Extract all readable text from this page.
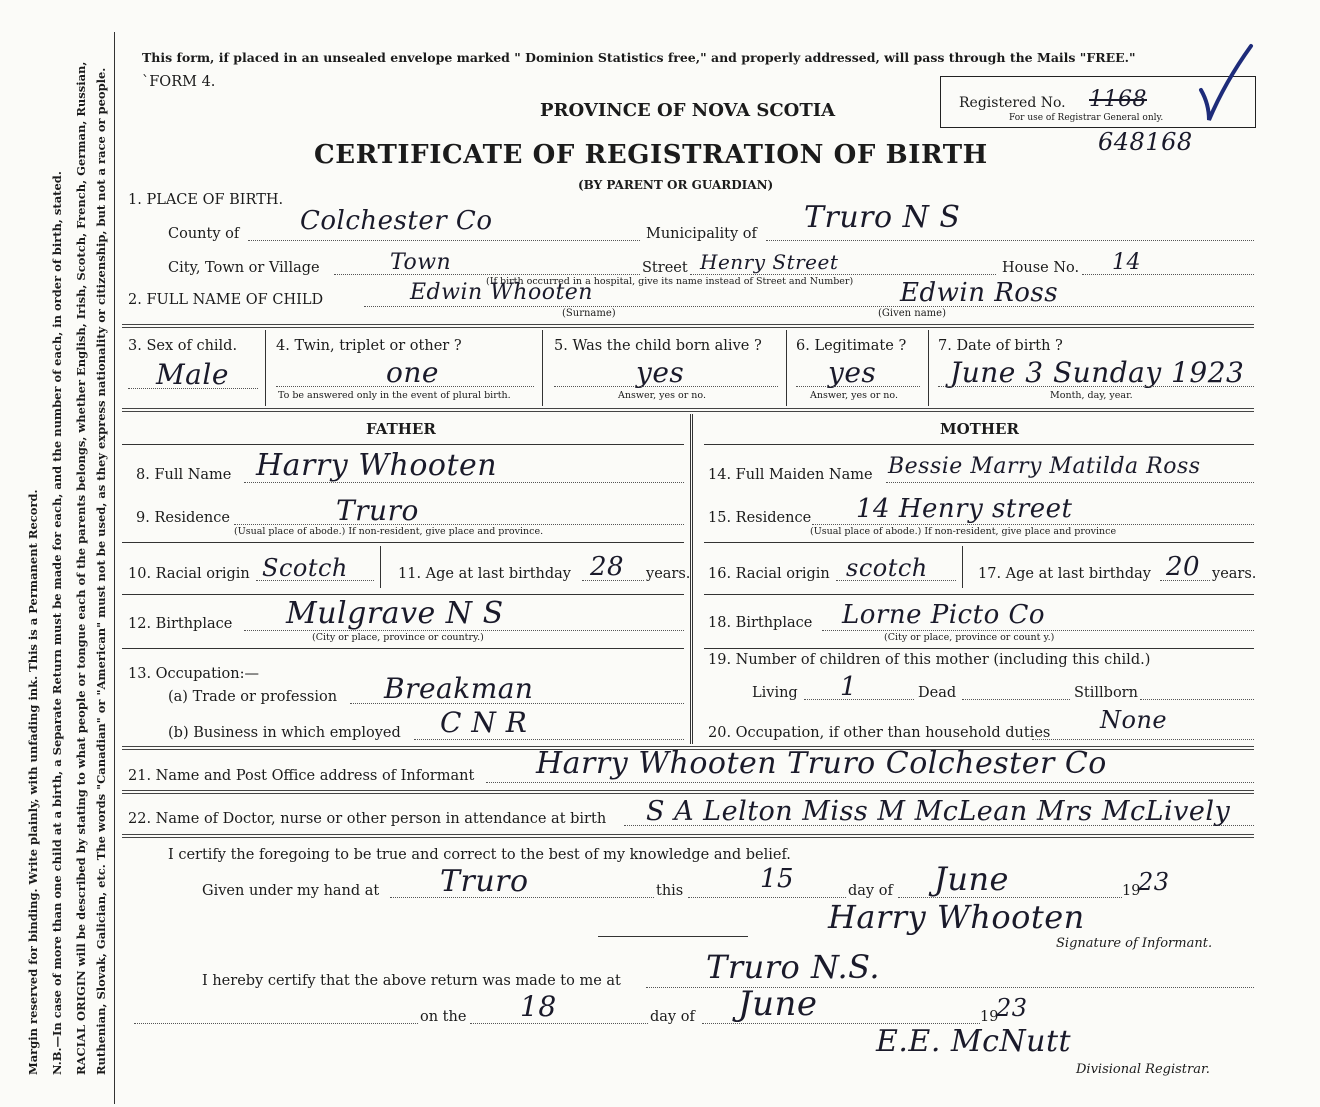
Margin reserved for binding. Write plainly, with unfading ink. This is a Permanent Record. N.B.—In case of more than one child at a birth, a Separate Return must be made for each, and the number of each, in order of birth, stated. RACIAL ORIGIN will be described by stating to what people or tongue each of the parents belongs, whether English, Irish, Scotch, French, German, Russian, Ruthenian, Slovak, Galician, etc. The words "Canadian" or "American" must not be used, as they express nationality or citizenship, but not a race or people.
This form, if placed in an unsealed envelope marked " Dominion Statistics free," and properly addressed, will pass through the Mails "FREE."
`FORM 4.
PROVINCE OF NOVA SCOTIA
CERTIFICATE OF REGISTRATION OF BIRTH
(BY PARENT OR GUARDIAN)
Registered No. 1168
For use of Registrar General only.
648168
1. PLACE OF BIRTH.
County of Colchester Co	Municipality of Truro N S
City, Town or Village	Town	Street Henry Street
(If birth occurred in a hospital, give its name instead of Street and Number)
House No. 14
2. FULL NAME OF CHILD	Edwin Whooten
(Surname)
Edwin Ross
(Given name)
3. Sex of child.
Male
4. Twin, triplet or other ?
one
To be answered only in the event of plural birth.
5. Was the child born alive ?
yes
Answer, yes or no.
6. Legitimate ?
yes
Answer, yes or no.
7. Date of birth ?
June 3 Sunday 1923
Month, day, year.
FATHER	MOTHER
8. Full Name Harry Whooten
9. Residence	Truro
(Usual place of abode.) If non-resident, give place and province.
10. Racial origin Scotch	11. Age at last birthday 28 years.
12. Birthplace Mulgrave N S
(City or place, province or country.)
13. Occupation:—
(a) Trade or profession Breakman
(b) Business in which employed C N R
14. Full Maiden Name Bessie Marry Matilda Ross
15. Residence 14 Henry street
(Usual place of abode.) If non-resident, give place and province
16. Racial origin scotch	17. Age at last birthday 20 years.
18. Birthplace Lorne Picto Co
(City or place, province or count y.)
19. Number of children of this mother (including this child.)
Living 1	Dead	Stillborn
20. Occupation, if other than household duties None
21. Name and Post Office address of Informant Harry Whooten Truro Colchester Co
22. Name of Doctor, nurse or other person in attendance at birth S A Lelton Miss M McLean Mrs McLively
I certify the foregoing to be true and correct to the best of my knowledge and belief.
Given under my hand at Truro	this	15	day of June	19
23
Harry Whooten
Signature of Informant.
I hereby certify that the above return was made to me at	Truro N.S.
on the 18	day of June	19
23
E.E. McNutt
Divisional Registrar.
